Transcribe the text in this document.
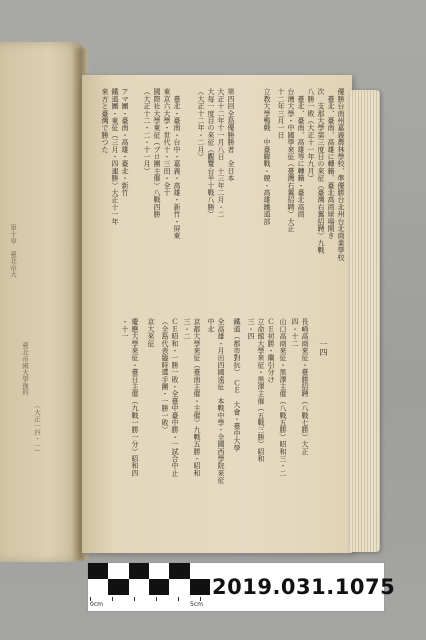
第十章　臺北帝大
臺北帝國大學豫科
（大正一四・一）
優勝台南州嘉義農林學校、準優勝台北州台北商業學校
　臺北、臺南、高雄に轉籍、臺北高商球場開き
次　支那大學第三度日の來征（臺灣右翼招聘）九戰
八勝一敗（大正十一年九月）
　臺北、臺南、高雄等に轉籍・臺北高商
台灣大學・中國學來征（臺灣右翼招聘）大正
十二年三月一日
立教大學鴨戲　中臺聯戰・競・高雄鐵道部

第四回全島優勝勝者　全日本
大正十二年十一月八日　十三年二月・二
大每一度目の來征（觀覽台半十戰八勝）
（大正十二年・二月）

　臺北・臺南・台中・嘉義・高雄・新竹・屏東
東京六大學・世代十・三田・全十
國際社大學東征（ブロ團主催）八戰四勝
（大正十二・二・十一月）

アマ團・臺南・高雄・臺北・新竹
鐵道團・東征（三月・四連勝）大正十一年
來方と臺灣で勝つた
一四
長崎高商來征・臺勝招聘（八戰七勝）大正
四・十二
山口高商來征・黒澤主催（八戰五勝）昭和三・二
ＣＥ初勝・繼引分け
立命館大學來征・黒澤主催（五戰三勝）昭和
三・四
鐵道（都市對抗）　ＣＥ　大會・臺中大學
全高雄・月出四國遠征　本戰中學・全國西學院來征
中北
京都大學來征（臺南主催・主催）九戰五勝・昭和
三・二
ＣＥ昭和・一勝一敗・全臺中臺中勝・一試合中止
（全島代表臨時選手團・一勝一敗）
京大來征
慶應大學來征・臺日主催（九戰一勝一分）昭和四
・十一
0cm	5cm
2019.031.1075
